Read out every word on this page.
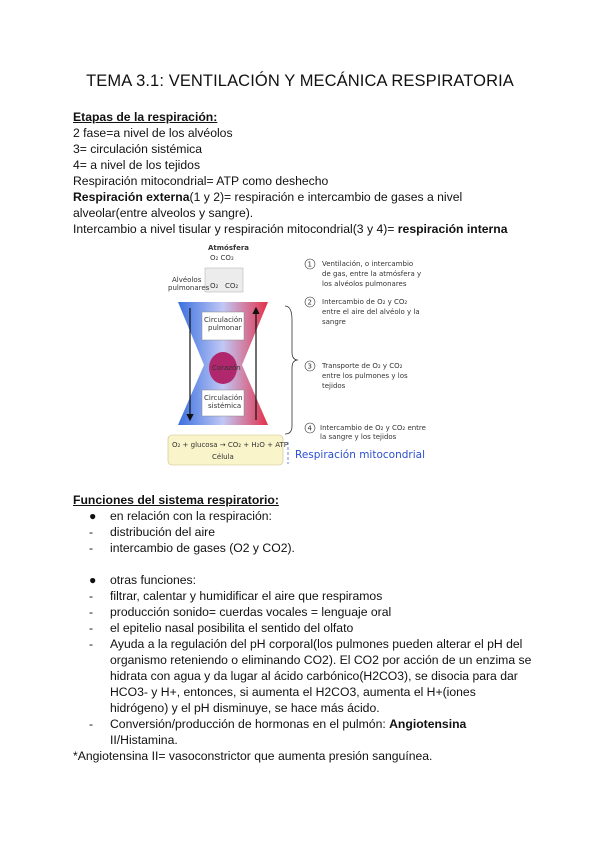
TEMA 3.1: VENTILACIÓN Y MECÁNICA RESPIRATORIA
Etapas de la respiración:
2 fase=a nivel de los alvéolos
3= circulación sistémica
4= a nivel de los tejidos
Respiración mitocondrial= ATP como deshecho
Respiración externa(1 y 2)= respiración e intercambio de gases a nivel
alveolar(entre alveolos y sangre).
Intercambio a nivel tisular y respiración mitocondrial(3 y 4)= respiración interna
Atmósfera
O₂ CO₂
Alvéolos
pulmonares O₂ CO₂
Circulación
pulmonar
Corazón
Circulación
sistémica
O₂ + glucosa → CO₂ + H₂O + ATP
Célula
1 Ventilación, o intercambio
de gas, entre la atmósfera y
los alvéolos pulmonares
2 Intercambio de O₂ y CO₂
entre el aire del alvéolo y la
sangre
3 Transporte de O₂ y CO₂
entre los pulmones y los
tejidos
4 Intercambio de O₂ y CO₂ entre
la sangre y los tejidos
Respiración mitocondrial
Funciones del sistema respiratorio:
● en relación con la respiración:
-	distribución del aire
-	intercambio de gases (O2 y CO2).
● otras funciones:
-	filtrar, calentar y humidificar el aire que respiramos
-	producción sonido= cuerdas vocales = lenguaje oral
-	el epitelio nasal posibilita el sentido del olfato
-	Ayuda a la regulación del pH corporal(los pulmones pueden alterar el pH del
organismo reteniendo o eliminando CO2). El CO2 por acción de un enzima se
hidrata con agua y da lugar al ácido carbónico(H2CO3), se disocia para dar
HCO3- y H+, entonces, si aumenta el H2CO3, aumenta el H+(iones
hidrógeno) y el pH disminuye, se hace más ácido.
-	Conversión/producción de hormonas en el pulmón: Angiotensina
II/Histamina.
*Angiotensina II= vasoconstrictor que aumenta presión sanguínea.
